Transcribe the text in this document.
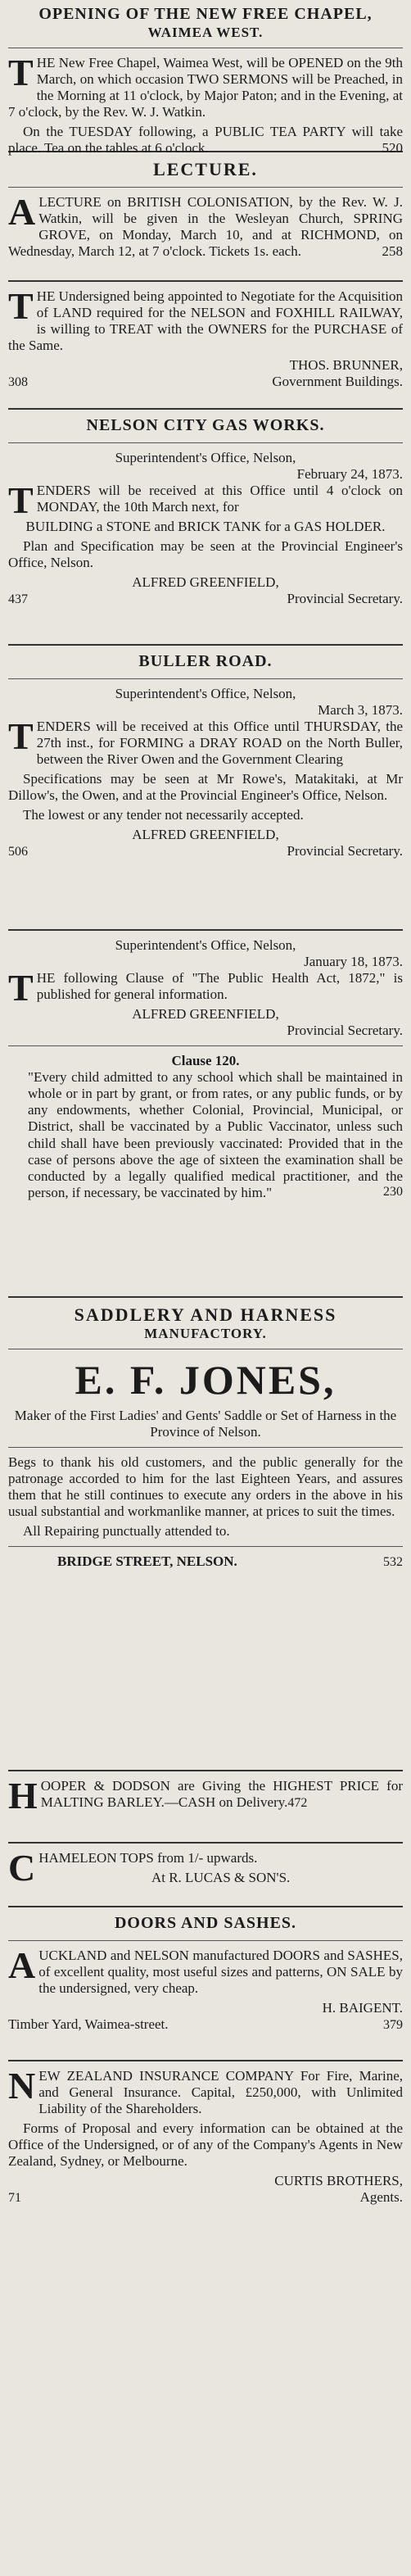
OPENING OF THE NEW FREE CHAPEL,
WAIMEA WEST.

THE New Free Chapel, Waimea West, will be OPENED on the 9th March, on which occasion TWO SERMONS will be Preached, in the Morning at 11 o'clock, by Major Paton; and in the Evening, at 7 o'clock, by the Rev. W. J. Watkin.

On the TUESDAY following, a PUBLIC TEA PARTY will take place. Tea on the tables at 6 o'clock.	520

LECTURE.

ALECTURE on BRITISH COLONISATION, by the Rev. W. J. Watkin, will be given in the Wesleyan Church, SPRING GROVE, on Monday, March 10, and at RICHMOND, on Wednesday, March 12, at 7 o'clock. Tickets 1s. each.	258

THE Undersigned being appointed to Negotiate for the Acquisition of LAND required for the NELSON and FOXHILL RAILWAY, is willing to TREAT with the OWNERS for the PURCHASE of the Same.

THOS. BRUNNER,
308	Government Buildings.
NELSON CITY GAS WORKS.
Superintendent's Office, Nelson,
February 24, 1873.

TENDERS will be received at this Office until 4 o'clock on MONDAY, the 10th March next, for

BUILDING a STONE and BRICK TANK for a GAS HOLDER.

Plan and Specification may be seen at the Provincial Engineer's Office, Nelson.

ALFRED GREENFIELD,
437	Provincial Secretary.
BULLER ROAD.
Superintendent's Office, Nelson,
March 3, 1873.

TENDERS will be received at this Office until THURSDAY, the 27th inst., for FORMING a DRAY ROAD on the North Buller, between the River Owen and the Government Clearing

Specifications may be seen at Mr Rowe's, Matakitaki, at Mr Dillow's, the Owen, and at the Provincial Engineer's Office, Nelson.

The lowest or any tender not necessarily accepted.

ALFRED GREENFIELD,
506	Provincial Secretary.
Superintendent's Office, Nelson,
January 18, 1873.

THE following Clause of "The Public Health Act, 1872," is published for general information.

ALFRED GREENFIELD,
Provincial Secretary.
Clause 120.

"Every child admitted to any school which shall be maintained in whole or in part by grant, or from rates, or any public funds, or by any endowments, whether Colonial, Provincial, Municipal, or District, shall be vaccinated by a Public Vaccinator, unless such child shall have been previously vaccinated: Provided that in the case of persons above the age of sixteen the examination shall be conducted by a legally qualified medical practitioner, and the person, if necessary, be vaccinated by him."	230

SADDLERY AND HARNESS
MANUFACTORY.
E. F. JONES,

Maker of the First Ladies' and Gents' Saddle or Set of Harness in the Province of Nelson.

Begs to thank his old customers, and the public generally for the patronage accorded to him for the last Eighteen Years, and assures them that he still continues to execute any orders in the above in his usual substantial and workmanlike manner, at prices to suit the times.

All Repairing punctually attended to.

BRIDGE STREET, NELSON.	532

HOOPER & DODSON are Giving the HIGHEST PRICE for MALTING BARLEY.—CASH on Delivery.472

CHAMELEON TOPS from 1/- upwards.

At R. LUCAS & SON'S.

DOORS AND SASHES.

AUCKLAND and NELSON manufactured DOORS and SASHES, of excellent quality, most useful sizes and patterns, ON SALE by the undersigned, very cheap.

H. BAIGENT.
Timber Yard, Waimea-street.	379

NEW ZEALAND INSURANCE COMPANY For Fire, Marine, and General Insurance. Capital, £250,000, with Unlimited Liability of the Shareholders.

Forms of Proposal and every information can be obtained at the Office of the Undersigned, or of any of the Company's Agents in New Zealand, Sydney, or Melbourne.

CURTIS BROTHERS,
71	Agents.
